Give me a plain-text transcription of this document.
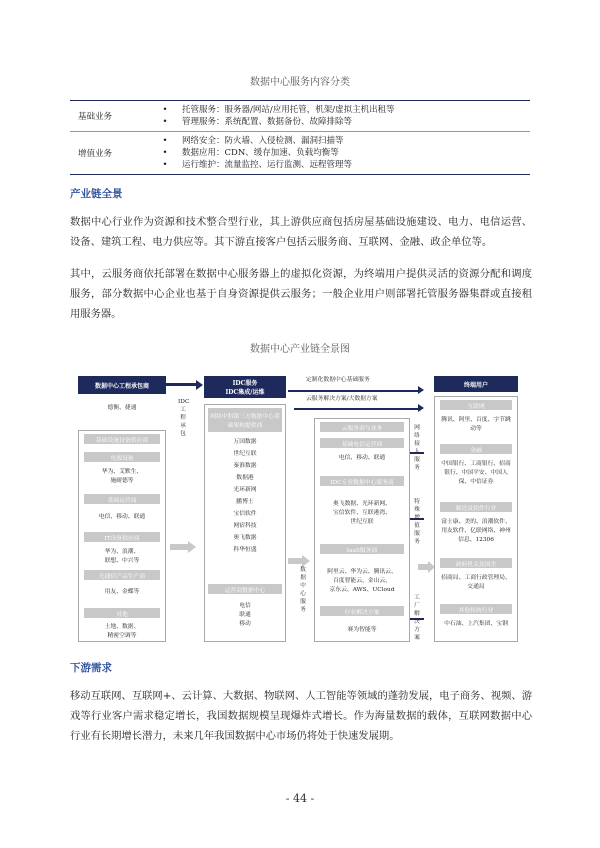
数据中心服务内容分类
基础业务
•	托管服务：服务器/网站/应用托管，机架/虚拟主机出租等
•	管理服务：系统配置、数据备份、故障排除等
增值业务
•	网络安全：防火墙、入侵检测、漏洞扫描等
•	数据应用：CDN、缓存加速、负载均衡等
•	运行维护：流量监控、运行监测、远程管理等
产业链全景
数据中心行业作为资源和技术整合型行业，其上游供应商包括房屋基础设施建设、电力、电信运营、设备、建筑工程、电力供应等。其下游直接客户包括云服务商、互联网、金融、政企单位等。
其中，云服务商依托部署在数据中心服务器上的虚拟化资源，为终端用户提供灵活的资源分配和调度服务，部分数据中心企业也基于自身资源提供云服务；一般企业用户则部署托管服务器集群或直接租用服务器。
数据中心产业链全景图
数据中心工程承包商
德衡、捷通
基础设施设备供应商
电源设备
华为、艾默生、
施耐德等
基础运营商
电信、移动、联通
IT设备供应商
华为、浪潮、
联想、中兴等
光通信产品生产商
用友、金蝶等
其他
土地、数据、
精密空调等
IDC工程承包
IDC服务
IDC集成/运维
网络中科第三方数据中心基础架构提供商
万国数据
世纪互联
秦淮数据
数据港
光环新网
鹏博士
宝信软件
网宿科技
奥飞数据
科华恒盛
运营商数据中心
电信
联通
移动
定制化数据中心基础服务
云服务解决方案/大数据方案
数据中心服务
云服务商与业务
基础电信运营商
电信、移动、联通
IDC专业数据中心服务商
奥飞数据、光环新网、
宝信软件、互联港湾、
世纪互联
IaaS服务商
阿里云、华为云、腾讯云、
百度智能云、金山云、
京东云、AWS、UCloud
行业解决方案
赛为智能等
网络接入服务
特殊增值服务
工厂解决方案
终端用户
互联网
腾讯、阿里、百度、字节跳动等
金融
中国银行、工商银行、招商银行、中国平安、中国人保、中信证券
制造及软件行业
富士康、美的、浪潮软件、用友软件、亿联网络、神州信息、12306
政府机关及国企
招商局、工商行政管理局、交通局
其他传统行业
中石油、上汽集团、宝钢
下游需求
移动互联网、互联网+、云计算、大数据、物联网、人工智能等领域的蓬勃发展，电子商务、视频、游戏等行业客户需求稳定增长，我国数据规模呈现爆炸式增长。作为海量数据的载体，互联网数据中心行业有长期增长潜力，未来几年我国数据中心市场仍将处于快速发展期。
- 44 -
